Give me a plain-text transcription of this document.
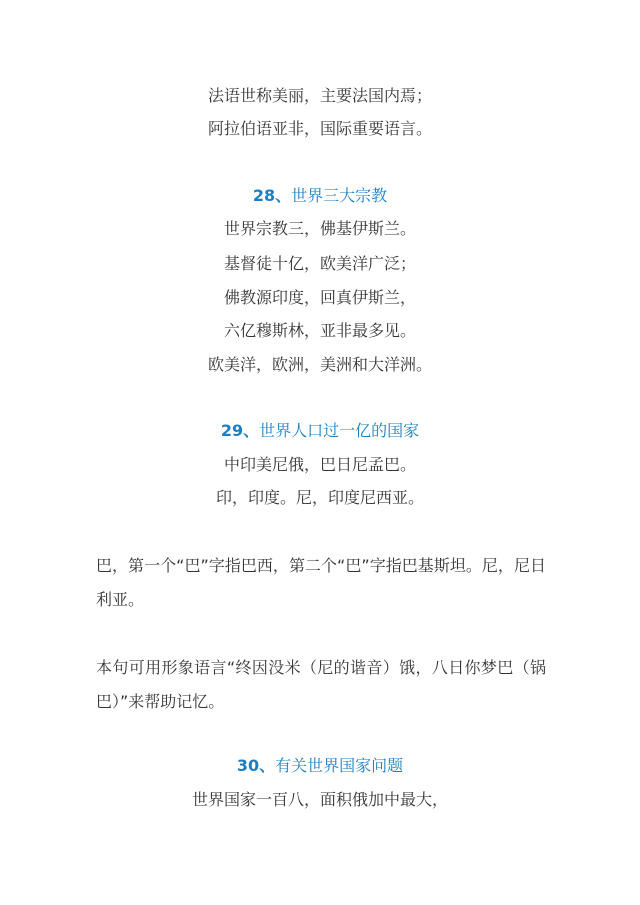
法语世称美丽，主要法国内焉；
阿拉伯语亚非，国际重要语言。
28、世界三大宗教
世界宗教三，佛基伊斯兰。
基督徒十亿，欧美洋广泛；
佛教源印度，回真伊斯兰，
六亿穆斯林，亚非最多见。
欧美洋，欧洲，美洲和大洋洲。
29、世界人口过一亿的国家
中印美尼俄，巴日尼孟巴。
印，印度。尼，印度尼西亚。
巴，第一个“巴”字指巴西，第二个“巴”字指巴基斯坦。尼，尼日利亚。
本句可用形象语言“终因没米（尼的谐音）饿，八日你梦巴（锅巴）”来帮助记忆。
30、有关世界国家问题
世界国家一百八，面积俄加中最大，
